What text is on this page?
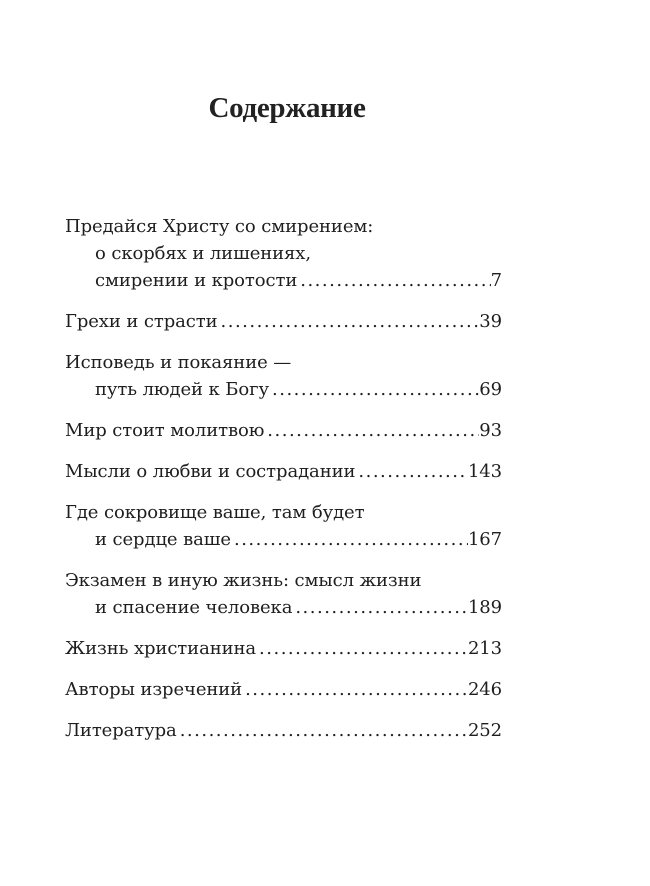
Содержание
Предайся Христу со смирением:
о скорбях и лишениях,
смирении и кротости .....	7
Грехи и страсти .....	39
Исповедь и покаяние —
путь людей к Богу .....	69
Мир стоит молитвою .....	93
Мысли о любви и сострадании .....	143
Где сокровище ваше, там будет
и сердце ваше .....	167
Экзамен в иную жизнь: смысл жизни
и спасение человека .....	189
Жизнь христианина .....	213
Авторы изречений .....	246
Литература .....	252
